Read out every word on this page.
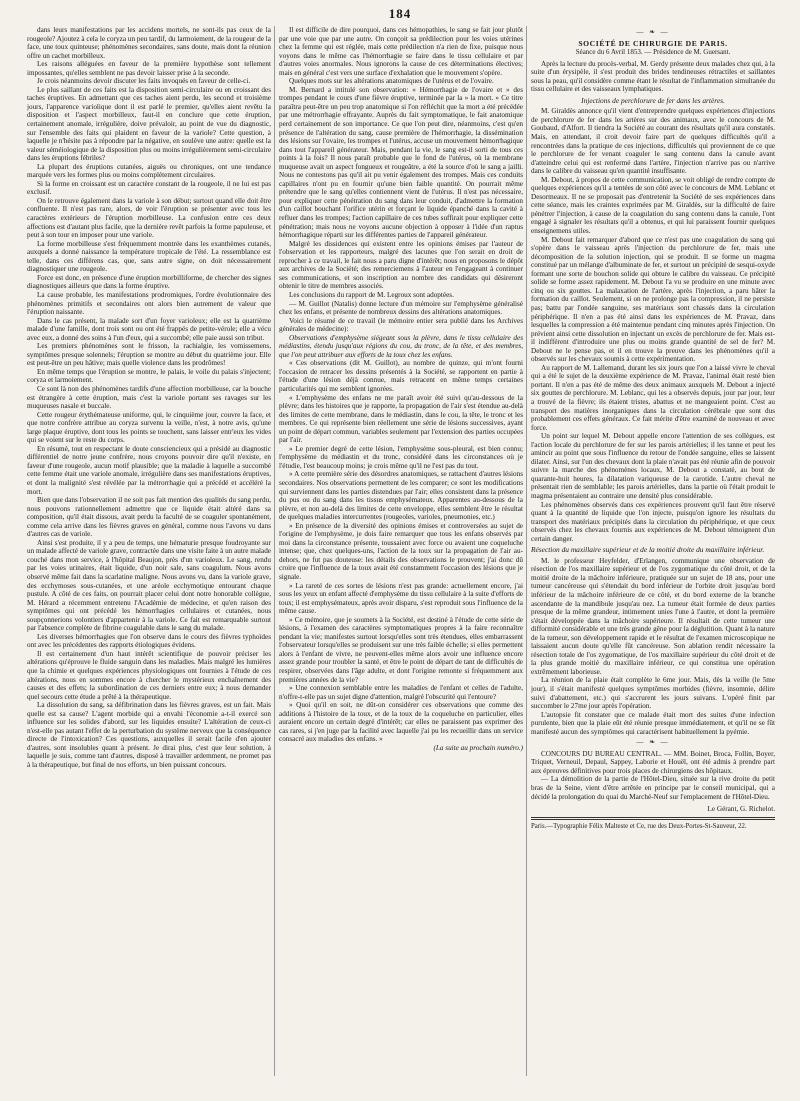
184

dans leurs manifestations par les accidens mortels, ne sont-ils pas ceux de la rougeole? Ajoutez à cela le coryza un peu tardif, du larmoiement, de la rougeur de la face, une toux quinteuse; phénomènes secondaires, sans doute, mais dont la réunion offre un cachet morbilleux.

Les raisons alléguées en faveur de la première hypothèse sont tellement impossantes, qu'elles semblent ne pas devoir laisser prise à la seconde.

Je crois néanmoins devoir discuter les faits invoqués en faveur de celle-ci.

Le plus saillant de ces faits est la disposition semi-circulaire ou en croissant des taches éruptives. En admettant que ces taches aient perdu, les second et troisième jours, l'apparence variolique dont il est parlé le premier, qu'elles aient revêtu la disposition et l'aspect morbilleux, faut-il en conclure que cette éruption, certainement anomale, irrégulière, doive prévaloir, au point de vue du diagnostic, sur l'ensemble des faits qui plaident en faveur de la variole? Cette question, à laquelle je n'hésite pas à répondre par la négative, en soulève une autre: quelle est la valeur séméiologique de la disposition plus ou moins irrégulièrement semi-circulaire dans les éruptions fébriles?

La plupart des éruptions cutanées, aiguës ou chroniques, ont une tendance marquée vers les formes plus ou moins complètement circulaires.

Si la forme en croissant est un caractère constant de la rougeole, il ne lui est pas exclusif.

On le retrouve également dans la variole à son début; surtout quand elle doit être confluente. Il n'est pas rare, alors, de voir l'éruption se présenter avec tous les caractères extérieurs de l'éruption morbilleuse. La confusion entre ces deux affections est d'autant plus facile, que la dernière revêt parfois la forme papuleuse, et peut à son tour en imposer pour une variole.

La forme morbilleuse s'est fréquemment montrée dans les exanthèmes cutanés, auxquels a donné naissance la température tropicale de l'été. La ressemblance est telle, dans ces différens cas, que, sans autre signe, on doit nécessairement diagnostiquer une rougeole.

Force est donc, en présence d'une éruption morbilliforme, de chercher des signes diagnostiques ailleurs que dans la forme éruptive.

La cause probable, les manifestations prodromiques, l'ordre évolutionnaire des phénomènes primitifs et secondaires ont alors bien autrement de valeur que l'éruption naissante.

Dans le cas présent, la malade sort d'un foyer varioleux; elle est la quatrième malade d'une famille, dont trois sont ou ont été frappés de petite-vérole; elle a vécu avec eux, a donné des soins à l'un d'eux, qui a succombé; elle paie aussi son tribut.

Les premiers phénomènes sont le frisson, la rachialgie, les vomissemens, symptômes presque solennels; l'éruption se montre au début du quatrième jour. Elle est peut-être un peu hâtive; mais quelle violence dans les prodrômes!

En même temps que l'éruption se montre, le palais, le voile du palais s'injectent; coryza et larmoiement.

Ce sont là non des phénomènes tardifs d'une affection morbilleuse, car la bouche est étrangère à cette éruption, mais c'est la variole portant ses ravages sur les muqueuses nasale et buccale.

Cette rougeur érythémateuse uniforme, qui, le cinquième jour, couvre la face, et que notre confrère attribue au coryza survenu la veille, n'est, à notre avis, qu'une large plaque éruptive, dont tous les points se touchent, sans laisser entr'eux les vides qui se voient sur le reste du corps.

En résumé, tout en respectant le doute consciencieux qui a présidé au diagnostic différentiel de notre jeune confrère, nous croyons pouvoir dire qu'il n'existe, en faveur d'une rougeole, aucun motif plausible; que la maladie à laquelle a succombé cette femme était une variole anomale, irrégulière dans ses manifestations éruptives, et dont la malignité s'est révélée par la métrorrhagie qui a précédé et accéléré la mort.

Bien que dans l'observation il ne soit pas fait mention des qualités du sang perdu, nous pouvons rationnellement admettre que ce liquide était altéré dans sa composition, qu'il était dissous, avait perdu la faculté de se coaguler spontanément, comme cela arrive dans les fièvres graves en général, comme nous l'avons vu dans d'autres cas de variole.

Ainsi s'est produite, il y a peu de temps, une hématurie presque foudroyante sur un malade affecté de variole grave, contractée dans une visite faite à un autre malade couché dans mon service, à l'hôpital Beaujon, près d'un varioleux. Le sang, rendu par les voies urinaires, était liquide, d'un noir sale, sans coagulum. Nous avons observé même fait dans la scarlatine maligne. Nous avons vu, dans la variole grave, des ecchymoses sous-cutanées, et une aréole ecchymotique entourant chaque pustule. A côté de ces faits, on pourrait placer celui dont notre honorable collègue, M. Hérard a récemment entretenu l'Académie de médecine, et qu'en raison des symptômes qui ont précédé les hémorrhagies cellulaires et cutanées, nous soupçonnerions volontiers d'appartenir à la variole. Ce fait est remarquable surtout par l'absence complète de fibrine coagulable dans le sang du malade.

Les diverses hémorrhagies que l'on observe dans le cours des fièvres typhoïdes ont avec les précédentes des rapports étiologiques évidens.

Il est certainement d'un haut intérêt scientifique de pouvoir préciser les altérations qu'éprouve le fluide sanguin dans les maladies. Mais malgré les lumières que la chimie et quelques expériences physiologiques ont fournies à l'étude de ces altérations, nous en sommes encore à chercher le mystérieux enchaînement des causes et des effets; la subordination de ces derniers entre eux; à nous demander quel secours cette étude a prêté à la thérapeutique.

La dissolution du sang, sa défibrination dans les fièvres graves, est un fait. Mais quelle est sa cause? L'agent morbide qui a envahi l'économie a-t-il exercé son influence sur les solides d'abord, sur les liquides ensuite? L'altération de ceux-ci n'est-elle pas autant l'effet de la perturbation du système nerveux que la conséquence directe de l'intoxication? Ces questions, auxquelles il serait facile d'en ajouter d'autres, sont insolubles quant à présent. Je dirai plus, c'est que leur solution, à laquelle je suis, comme tant d'autres, disposé à travailler ardemment, ne promet pas à la thérapeutique, but final de nos efforts, un bien puissant concours.

Il est difficile de dire pourquoi, dans ces hémopathies, le sang se fait jour plutôt par une voie que par une autre. On conçoit sa prédilection pour les voies utérines chez la femme qui est réglée, mais cette prédilection n'a rien de fixe, puisque nous voyons dans le même cas l'hémorrhagie se faire dans le tissu cellulaire et par d'autres voies anormales. Nous ignorons la cause de ces déterminations électives; mais en général c'est vers une surface d'exhalation que le mouvement s'opère.

Quelques mots sur les altérations anatomiques de l'utérus et de l'ovaire.

M. Bernard a intitulé son observation: « Hémorrhagie de l'ovaire et » des trompes pendant le cours d'une fièvre éruptive, terminée par la » la mort. » Ce titre paraîtra peut-être un peu trop anatomique si l'on réfléchit que la mort a été précédée par une métrorrhagie effrayante. Auprès du fait symptomatique, le fait anatomique perd certainement de son importance. Ce que l'on peut dire, néanmoins, c'est qu'en présence de l'altération du sang, cause première de l'hémorrhagie, la dissémination des lésions sur l'ovaire, les trompes et l'utérus, accuse un mouvement hémorrhagique dans tout l'appareil générateur. Mais, pendant la vie, le sang est-il sorti de tous ces points à la fois? Il nous paraît probable que le fond de l'utérus, où la membrane muqueuse avait un aspect fongueux et rougeâtre, a été la source d'où le sang a jailli. Nous ne contestons pas qu'il ait pu venir également des trompes. Mais ces conduits capillaires n'ont pu en fournir qu'une bien faible quantité. On pourrait même prétendre que le sang qu'elles contiennent vient de l'utérus. Il n'est pas nécessaire, pour expliquer cette pénétration du sang dans leur conduit, d'admettre la formation d'un caillot bouchant l'orifice utérin et forçant le liquide épanché dans la cavité à refluer dans les trompes; l'action capillaire de ces tubes suffirait pour expliquer cette pénétration; mais nous ne voyons aucune objection à opposer à l'idée d'un raptus hémorrhagique réparti sur les différentes parties de l'appareil générateur.

Malgré les dissidences qui existent entre les opinions émises par l'auteur de l'observation et les rapporteurs, malgré des lacunes que l'on serait en droit de reprocher à ce travail, le fait nous a paru digne d'intérêt; nous en proposons le dépôt aux archives de la Société; des remerciemens à l'auteur en l'engageant à continuer ses communications, et son inscription au nombre des candidats qui désireront obtenir le titre de membres associés.

Les conclusions du rapport de M. Legroux sont adoptées.

— M. Guillot (Natalis) donne lecture d'un mémoire sur l'emphysème généralisé chez les enfans, et présente de nombreux dessins des altérations anatomiques.

Voici le résumé de ce travail (le mémoire entier sera publié dans les Archives générales de médecine):

Observations d'emphysème siégeant sous la plèvre, dans le tissu cellulaire des médiastins, étendu jusqu'aux régions du cou, du tronc, de la tête, et des membres, que l'on peut attribuer aux efforts de la toux chez les enfans.

« Ces observations (dit M. Guillot), au nombre de quinze, qui m'ont fourni l'occasion de retracer les dessins présentés à la Société, se rapportent en partie à l'étude d'une lésion déjà connue, mais retracent en même temps certaines particularités qui me semblent ignorées.

« L'emphysème des enfans ne me paraît avoir été suivi qu'au-dessous de la plèvre; dans les histoires que je rapporte, la propagation de l'air s'est étendue au-delà des limites de cette membrane, dans le médiastin, dans le cou, la tête, le tronc et les membres. Ce qui représente bien réellement une série de lésions successives, ayant un point de départ commun, variables seulement par l'extension des parties occupées par l'air.

» Le premier degré de cette lésion, l'emphysème sous-pleural, est bien connu; l'emphysème du médiastin et du tronc, considéré dans les circonstances où je l'étudie, l'est beaucoup moins; je crois même qu'il ne l'est pas du tout.

» A cette première série des désordres anatomiques, se rattachent d'autres lésions secondaires. Nos observations permettent de les comparer; ce sont les modifications qui surviennent dans les parties distendues par l'air; elles consistent dans la présence du pus ou du sang dans les tissus emphysémateux. Apparentes au-dessous de la plèvre, et non au-delà des limites de cette enveloppe, elles semblent être le résultat de quelques maladies intercurrentes (rougeoles, varioles, pneumonies, etc.)

» En présence de la diversité des opinions émises et controversées au sujet de l'origine de l'emphysème, je dois faire remarquer que tous les enfans observés par moi dans la circonstance présente, toussaient avec force ou avaient une coqueluche intense; que, chez quelques-uns, l'action de la toux sur la propagation de l'air au-dehors, ne fut pas douteuse: les détails des observations le prouvent; j'ai donc dû croire que l'influence de la toux avait été constamment l'occasion des lésions que je signale.

» La rareté de ces sortes de lésions n'est pas grande: actuellement encore, j'ai sous les yeux un enfant affecté d'emphysème du tissu cellulaire à la suite d'efforts de toux; il est emphysémateux, après avoir disparu, s'est reproduit sous l'influence de la même cause.

» Ce mémoire, que je soumets à la Société, est destiné à l'étude de cette série de lésions, à l'examen des caractères symptomatiques propres à la faire reconnaître pendant la vie; manifestes surtout lorsqu'elles sont très étendues, elles embarrassent l'observateur lorsqu'elles se produisent sur une très faible échelle; si elles permettent alors à l'enfant de vivre, ne peuvent-elles même alors avoir une influence encore assez grande pour troubler la santé, et être le point de départ de tant de difficultés de respirer, observées dans l'âge adulte, et dont l'origine remonte si fréquemment aux premières années de la vie?

» Une connexion semblable entre les maladies de l'enfant et celles de l'adulte, n'offre-t-elle pas un sujet digne d'attention, malgré l'obscurité qui l'entoure?

» Quoi qu'il en soit, ne dût-on considérer ces observations que comme des additions à l'histoire de la toux, et de la toux de la coqueluche en particulier, elles auraient encore un certain degré d'intérêt; car elles ne paraissent pas exprimer des cas rares, si j'en juge par la facilité avec laquelle j'ai pu les recueillir dans un service consacré aux maladies des enfans. »

(La suite au prochain numéro.)

— ❧ —
SOCIÉTÉ DE CHIRURGIE DE PARIS.
Séance du 6 Avril 1853. — Présidence de M. Guersant.

Après la lecture du procès-verbal, M. Gerdy présente deux malades chez qui, à la suite d'un érysipèle, il s'est produit des brides tendineuses rétractiles et saillantes sous la peau, qu'il considère comme étant le résultat de l'inflammation simultanée du tissu cellulaire et des vaisseaux lymphatiques.

Injections de perchlorure de fer dans les artères.

M. Giraldès annonce qu'il vient d'entreprendre quelques expériences d'injections de perchlorure de fer dans les artères sur des animaux, avec le concours de M. Goubaud, d'Alfort. Il tiendra la Société au courant des résultats qu'il aura constatés. Mais, en attendant, il croit devoir faire part de quelques difficultés qu'il a rencontrées dans la pratique de ces injections, difficultés qui proviennent de ce que le perchlorure de fer venant coaguler le sang contenu dans la canule avant d'atteindre celui qui est renfermé dans l'artère, l'injection n'arrive pas ou n'arrive dans le calibre du vaisseau qu'en quantité insuffisante.

M. Debout, à propos de cette communication, se voit obligé de rendre compte de quelques expériences qu'il a tentées de son côté avec le concours de MM. Leblanc et Desormeaux. Il ne se proposait pas d'entretenir la Société de ses expériences dans cette séance, mais les craintes exprimées par M. Giraldès, sur la difficulté de faire pénétrer l'injection, à cause de la coagulation du sang contenu dans la canule, l'ont engagé à signaler les résultats qu'il a obtenus, et qui lui paraissent fournir quelques enseignemens utiles.

M. Debout fait remarquer d'abord que ce n'est pas une coagulation du sang qui s'opère dans le vaisseau après l'injection du perchlorure de fer, mais une décomposition de la solution injection, qui se produit. Il se forme un magma constitué par un mélange d'albuminate de fer, et surtout un précipité de sesqui-oxyde formant une sorte de bouchon solide qui obture le calibre du vaisseau. Ce précipité solide se forme assez rapidement. M. Debout l'a vu se produire en une minute avec cinq ou six gouttes. La malaxation de l'artère, après l'injection, a paru hâter la formation du caillot. Seulement, si on ne prolonge pas la compression, il ne persiste pas; battu par l'ondée sanguine, ses matériaux sont chassés dans la circulation périphérique. Il n'en a pas été ainsi dans les expériences de M. Pravaz, dans lesquelles la compression a été maintenue pendant cinq minutes après l'injection. On prévient ainsi cette dissolution en injectant un excès de perchlorure de fer. Mais est-il indifférent d'introduire une plus ou moins grande quantité de sel de fer? M. Debout ne le pense pas, et il en trouve la preuve dans les phénomènes qu'il a observés sur les chevaux soumis à cette expérimentation.

Au rapport de M. Lallemand, durant les six jours que l'on a laissé vivre le cheval qui a été le sujet de la deuxième expérience de M. Pravaz, l'animal était resté bien portant. Il n'en a pas été de même des deux animaux auxquels M. Debout a injecté six gouttes de perchlorure. M. Leblanc, qui les a observés depuis, jour par jour, leur a trouvé de la fièvre; ils étaient tristes, abattus et ne mangeaient point. C'est au transport des matières inorganiques dans la circulation cérébrale que sont dus probablement ces effets généraux. Ce fait mérite d'être examiné de nouveau et avec force.

Un point sur lequel M. Debout appelle encore l'attention de ses collègues, est l'action locale du perchlorure de fer sur les parois artérielles; il les tanne et peut les amincir au point que sous l'influence du retour de l'ondée sanguine, elles se laissent dilater. Ainsi, sur l'un des chevaux dont la plaie n'avait pas été réunie afin de pouvoir suivre la marche des phénomènes locaux, M. Debout a constaté, au bout de quarante-huit heures, la dilatation variqueuse de la carotide. L'autre cheval ne présentait rien de semblable; les parois artérielles, dans la partie où l'était produit le magma présentaient au contraire une densité plus considérable.

Les phénomènes observés dans ces expériences prouvent qu'il faut être réservé quant à la quantité de liquide que l'on injecte, puisqu'on ignore les résultats du transport des matériaux précipités dans la circulation du périphérique, et que ceux observés chez les chevaux fournis aux expériences de M. Debout témoignent d'un certain danger.

Résection du maxillaire supérieur et de la moitié droite du maxillaire inférieur.

M. le professeur Heyfelder, d'Erlangen, communique une observation de résection de l'os maxillaire supérieur et de l'os zygomatique du côté droit, et de la moitié droite de la mâchoire inférieure, pratiquée sur un sujet de 18 ans, pour une tumeur cancéreuse qui s'étendait du bord inférieur de l'orbite droit jusqu'au bord inférieur de la mâchoire inférieure de ce côté, et du bord externe de la branche ascendante de la mandibule jusqu'au nez. La tumeur était formée de deux parties presque de la même grandeur, intimement unies l'une à l'autre, et dont la première s'était développée dans la mâchoire supérieure. Il résultait de cette tumeur une difformité considérable et une très grande gêne pour la déglutition. Quant à la nature de la tumeur, son développement rapide et le résultat de l'examen microscopique ne laissaient aucun doute qu'elle fût cancéreuse. Son ablation rendit nécessaire la résection totale de l'os zygomatique, de l'os maxillaire supérieur du côté droit et de la plus grande moitié du maxillaire inférieur, ce qui constitua une opération extrêmement laborieuse.

La réunion de la plaie était complète le 6me jour. Mais, dès la veille (le 5me jour), il s'était manifesté quelques symptômes morbides (fièvre, insomnie, délire suivi d'abattement, etc.) qui s'accrurent les jours suivans. L'opéré finit par succomber le 27me jour après l'opération.

L'autopsie fit constater que ce malade était mort des suites d'une infection purulente, bien que la plaie eût été réunie presque immédiatement, et qu'il ne se fût manifesté aucun des symptômes qui caractérisent habituellement la pyémie.

— ❧ —

CONCOURS DU BUREAU CENTRAL. — MM. Boinet, Broca, Follin, Boyer, Triquet, Verneuil, Depaul, Sappey, Laborie et Houël, ont été admis à prendre part aux épreuves définitives pour trois places de chirurgiens des hôpitaux.

— La démolition de la partie de l'Hôtel-Dieu, située sur la rive droite du petit bras de la Seine, vient d'être arrêtée en principe par le conseil municipal, qui a décidé la prolongation du quai du Marché-Neuf sur l'emplacement de l'Hôtel-Dieu.

Le Gérant, G. Richelot.
Paris.—Typographie Félix Malteste et Ce, rue des Deux-Portes-St-Sauveur, 22.
